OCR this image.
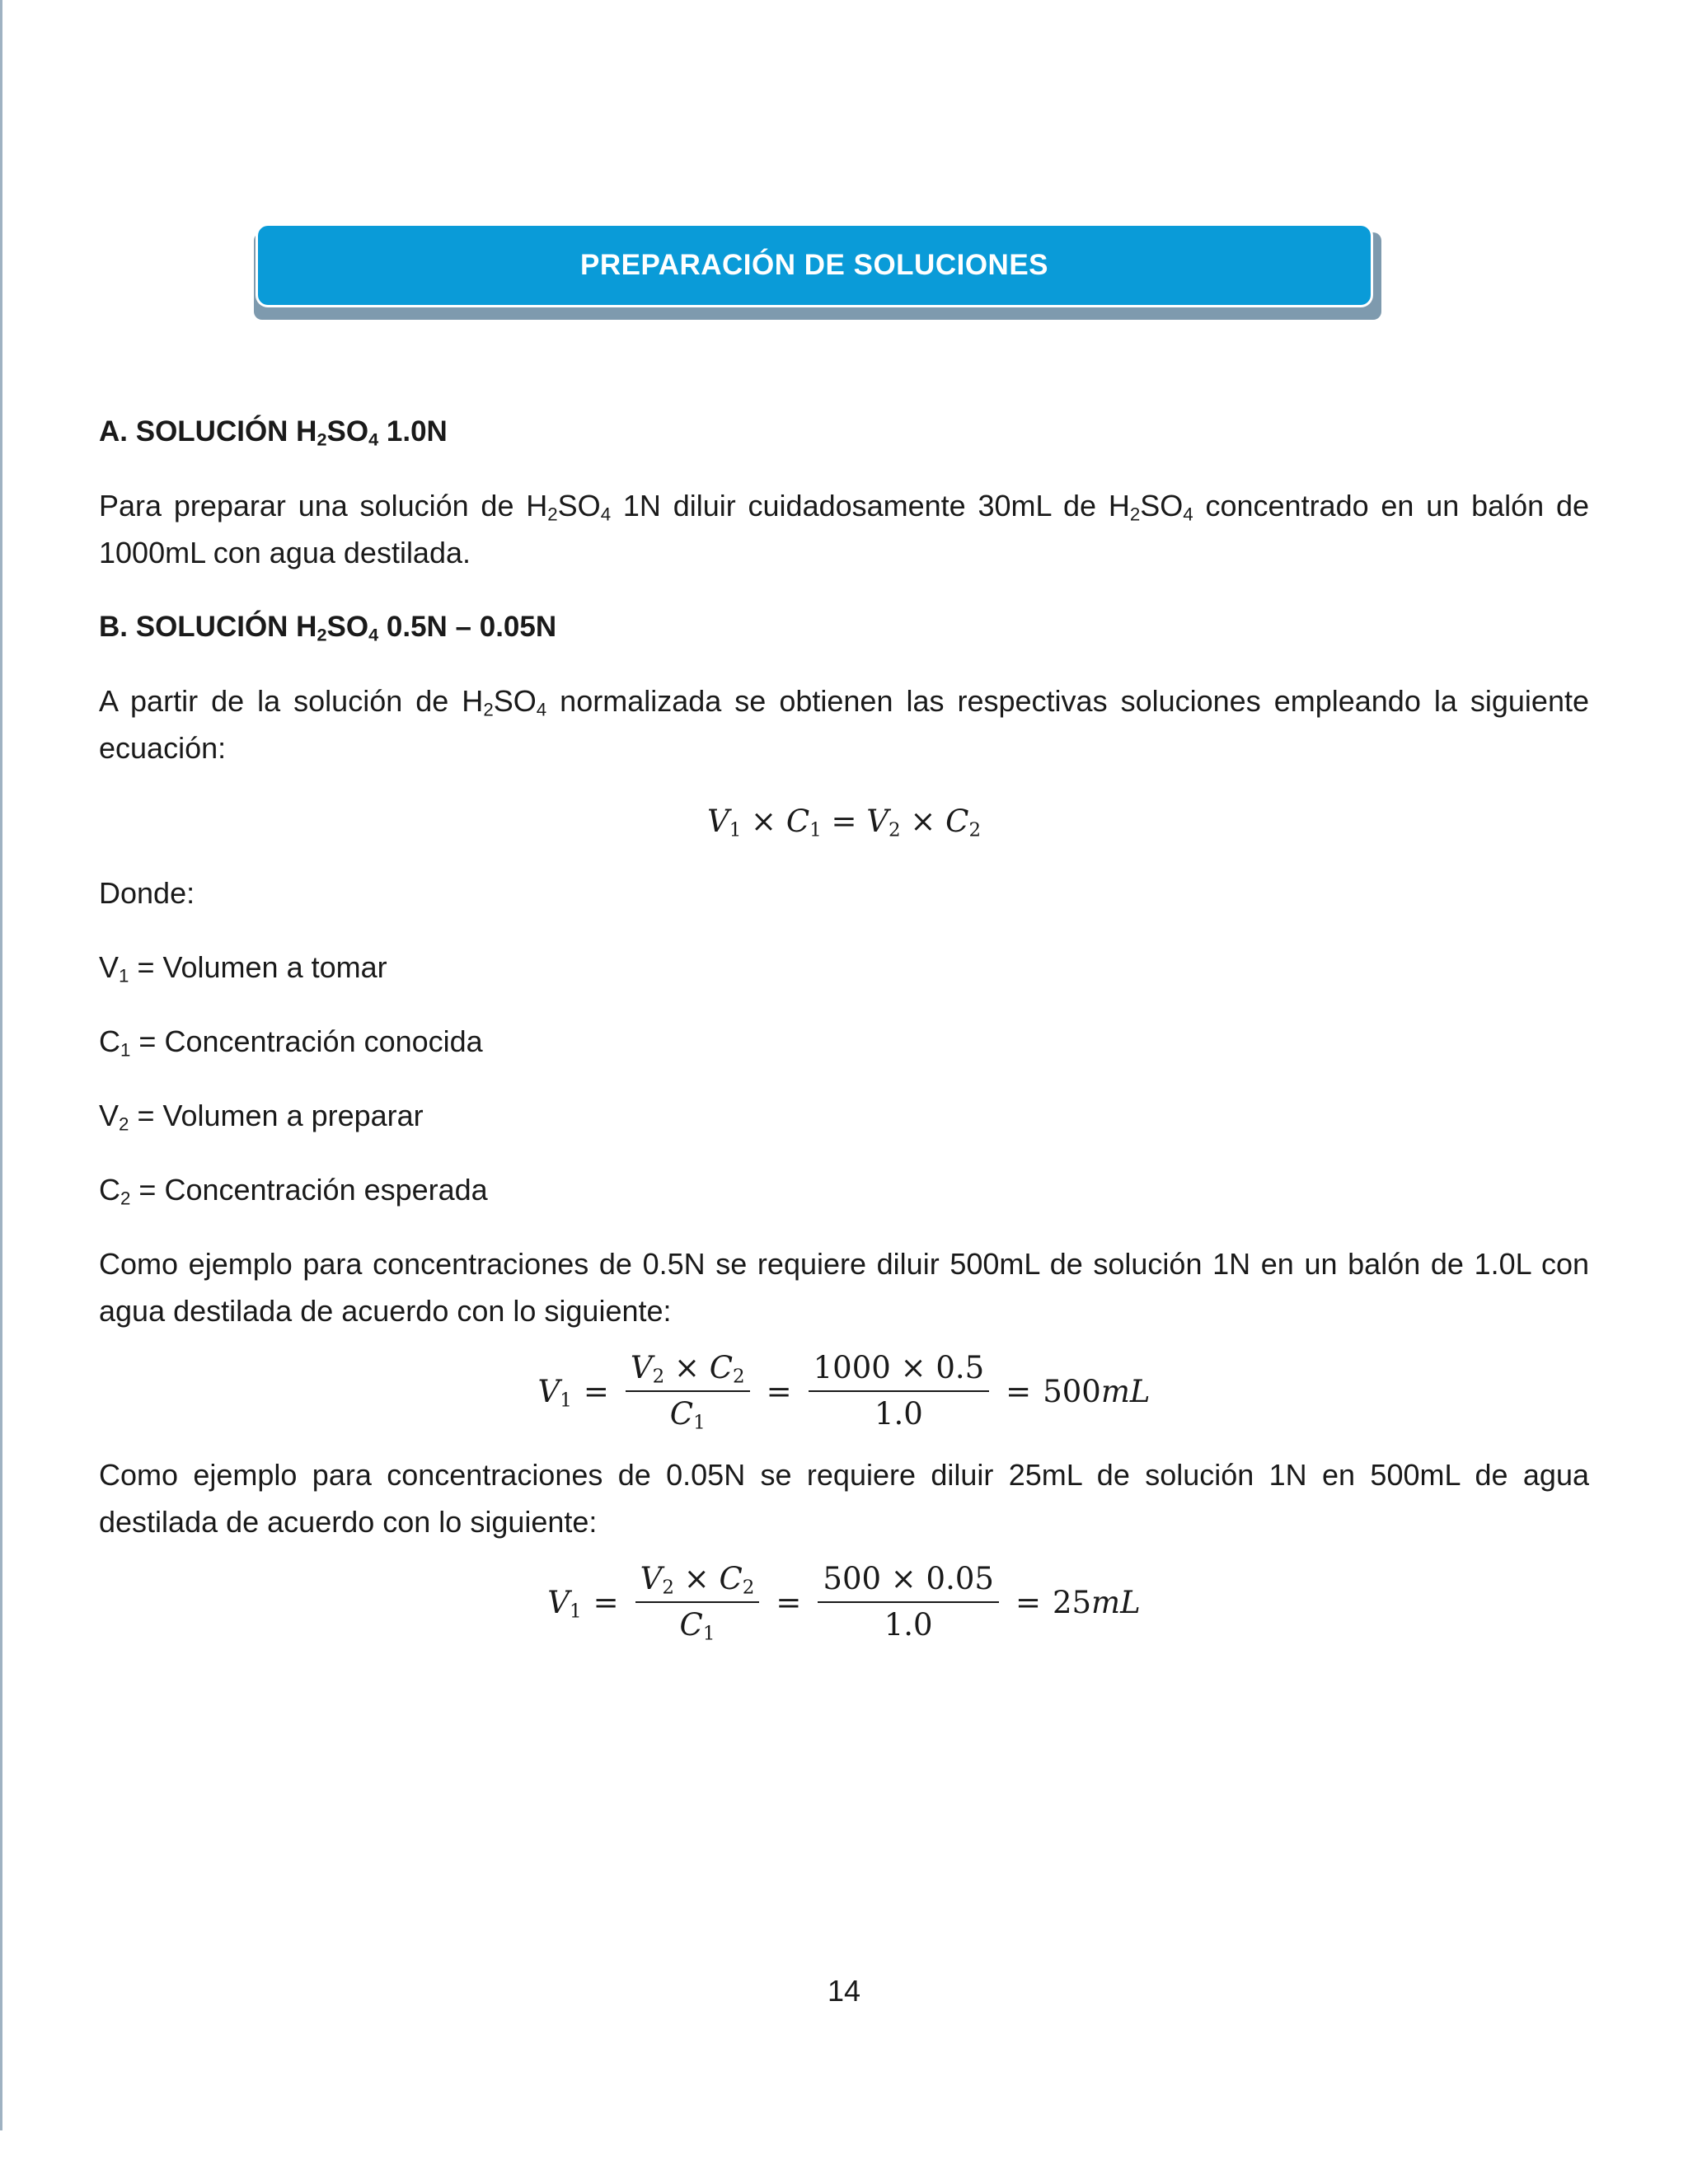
PREPARACIÓN DE SOLUCIONES

A. SOLUCIÓN $H_2SO_4$ 1.0N

Para preparar una solución de $H_2SO_4$ 1N diluir cuidadosamente 30mL de $H_2SO_4$ concentrado en un balón de 1000mL con agua destilada.

B. SOLUCIÓN $H_2SO_4$ 0.5N – 0.05N

A partir de la solución de $H_2SO_4$ normalizada se obtienen las respectivas soluciones empleando la siguiente ecuación:

$V_1 \times C_1 = V_2 \times C_2$

Donde:

$V_1$ = Volumen a tomar

$C_1$ = Concentración conocida

$V_2$ = Volumen a preparar

$C_2$ = Concentración esperada

Como ejemplo para concentraciones de 0.5N se requiere diluir 500mL de solución 1N en un balón de 1.0L con agua destilada de acuerdo con lo siguiente:

$V_1 = \frac{V_2 \times C_2}{C_1} = \frac{1000 \times 0.5}{1.0} = 500mL$

Como ejemplo para concentraciones de 0.05N se requiere diluir 25mL de solución 1N en 500mL de agua destilada de acuerdo con lo siguiente:

$V_1 = \frac{V_2 \times C_2}{C_1} = \frac{500 \times 0.05}{1.0} = 25mL$
14
